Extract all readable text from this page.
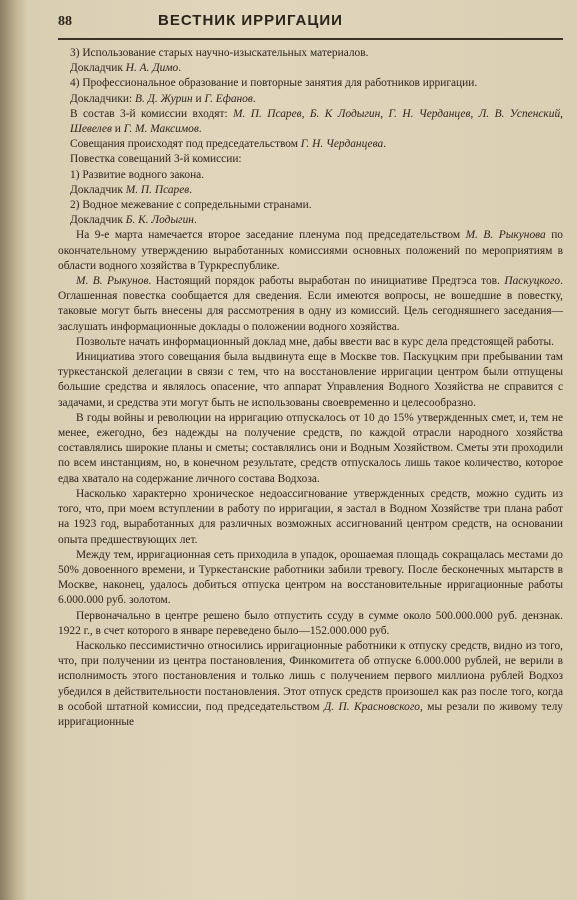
88	ВЕСТНИК ИРРИГАЦИИ

3) Использование старых научно-изыскательных материалов.

Докладчик Н. А. Димо.

4) Профессиональное образование и повторные занятия для работников ирригации.

Докладчики: В. Д. Журин и Г. Ефанов.

В состав 3-й комиссии входят: М. П. Псарев, Б. К Лодыгин, Г. Н. Черданцев, Л. В. Успенский, Шевелев и Г. М. Максимов.

Совещания происходят под председательством Г. Н. Черданцева.

Повестка совещаний 3-й комиссии:

1) Развитие водного закона.

Докладчик М. П. Псарев.

2) Водное межевание с сопредельными странами.

Докладчик Б. К. Лодыгин.

На 9-е марта намечается второе заседание пленума под председательством М. В. Рыкунова по окончательному утверждению выработанных комиссиями основных положений по мероприятиям в области водного хозяйства в Туркреспублике.

М. В. Рыкунов. Настоящий порядок работы выработан по инициативе Предтэса тов. Паскуцкого. Оглашенная повестка сообщается для сведения. Если имеются вопросы, не вошедшие в повестку, таковые могут быть внесены для рассмотрения в одну из комиссий. Цель сегодняшнего заседания—заслушать информационные доклады о положении водного хозяйства.

Позвольте начать информационный доклад мне, дабы ввести вас в курс дела предстоящей работы.

Инициатива этого совещания была выдвинута еще в Москве тов. Паскуцким при пребывании там туркестанской делегации в связи с тем, что на восстановление ирригации центром были отпущены большие средства и являлось опасение, что аппарат Управления Водного Хозяйства не справится с задачами, и средства эти могут быть не использованы своевременно и целесообразно.

В годы войны и революции на ирригацию отпускалось от 10 до 15% утвержденных смет, и, тем не менее, ежегодно, без надежды на получение средств, по каждой отрасли народного хозяйства составлялись широкие планы и сметы; составлялись они и Водным Хозяйством. Сметы эти проходили по всем инстанциям, но, в конечном результате, средств отпускалось лишь такое количество, которое едва хватало на содержание личного состава Водхоза.

Насколько характерно хроническое недоассигнование утвержденных средств, можно судить из того, что, при моем вступлении в работу по ирригации, я застал в Водном Хозяйстве три плана работ на 1923 год, выработанных для различных возможных ассигнований центром средств, на основании опыта предшествующих лет.

Между тем, ирригационная сеть приходила в упадок, орошаемая площадь сокращалась местами до 50% довоенного времени, и Туркестанские работники забили тревогу. После бесконечных мытарств в Москве, наконец, удалось добиться отпуска центром на восстановительные ирригационные работы 6.000.000 руб. золотом.

Первоначально в центре решено было отпустить ссуду в сумме около 500.000.000 руб. дензнак. 1922 г., в счет которого в январе переведено было—152.000.000 руб.

Насколько пессимистично относились ирригационные работники к отпуску средств, видно из того, что, при получении из центра постановления, Финкомитета об отпуске 6.000.000 рублей, не верили в исполнимость этого постановления и только лишь с получением первого миллиона рублей Водхоз убедился в действительности постановления. Этот отпуск средств произошел как раз после того, когда в особой штатной комиссии, под председательством Д. П. Красновского, мы резали по живому телу ирригационные
